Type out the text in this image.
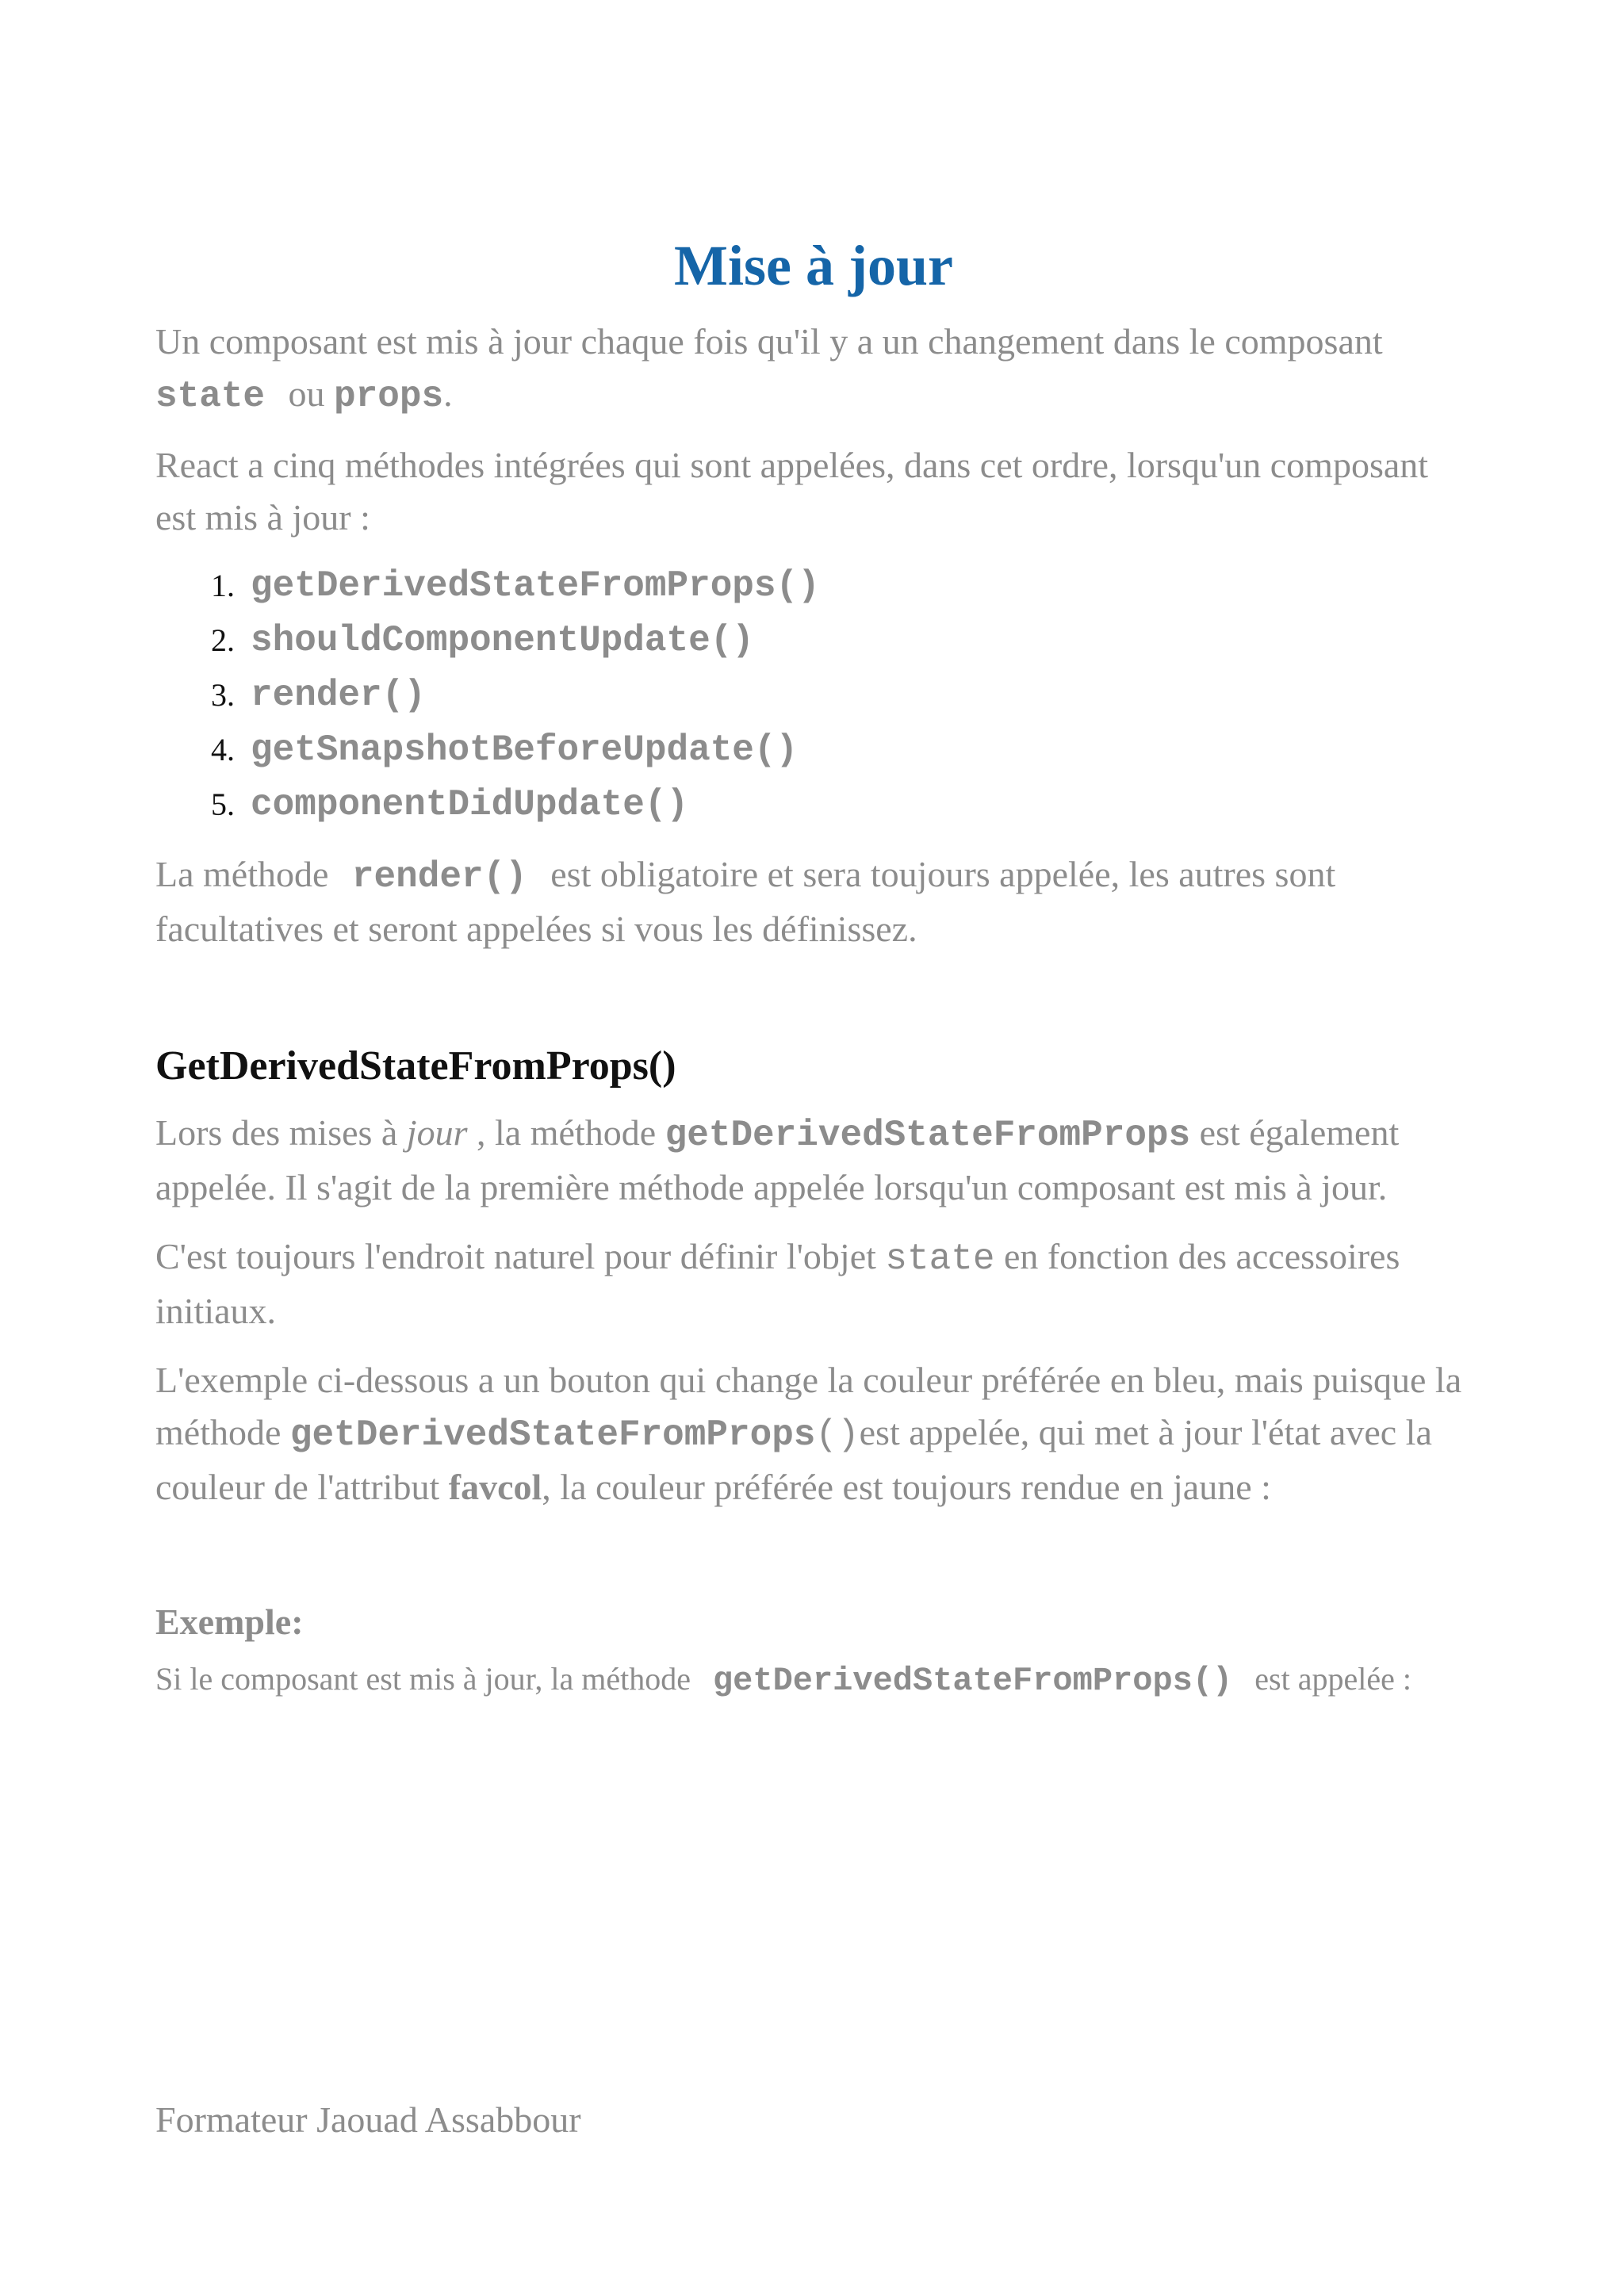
Mise à jour

Un composant est mis à jour chaque fois qu'il y a un changement dans le composant
state ou props.

React a cinq méthodes intégrées qui sont appelées, dans cet ordre, lorsqu'un composant est mis à jour :

1. getDerivedStateFromProps()
2. shouldComponentUpdate()
3. render()
4. getSnapshotBeforeUpdate()
5. componentDidUpdate()

La méthode render() est obligatoire et sera toujours appelée, les autres sont facultatives et seront appelées si vous les définissez.

GetDerivedStateFromProps()

Lors des mises à jour , la méthode getDerivedStateFromProps est également appelée. Il s'agit de la première méthode appelée lorsqu'un composant est mis à jour.

C'est toujours l'endroit naturel pour définir l'objet state en fonction des accessoires initiaux.

L'exemple ci-dessous a un bouton qui change la couleur préférée en bleu, mais puisque la méthode getDerivedStateFromProps()est appelée, qui met à jour l'état avec la couleur de l'attribut favcol, la couleur préférée est toujours rendue en jaune :

Exemple:
Si le composant est mis à jour, la méthode getDerivedStateFromProps() est appelée :
Formateur Jaouad Assabbour
